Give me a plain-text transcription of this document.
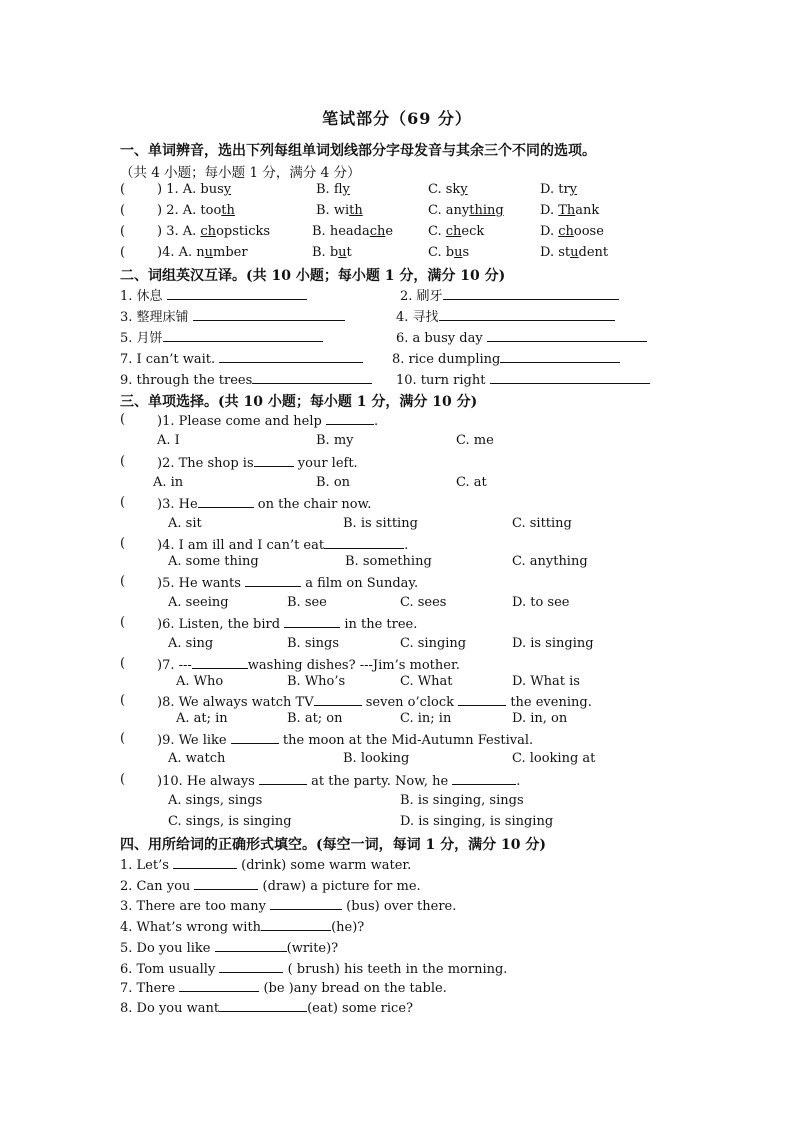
笔试部分（69 分）
一、单词辨音，选出下列每组单词划线部分字母发音与其余三个不同的选项。
（共 4 小题；每小题 1 分，满分 4 分）
( ) 1. A. busy	B. fly	C. sky	D. try
( ) 2. A. tooth	B. with	C. anything	D. Thank
( ) 3. A. chopsticks	B. headache	C. check	D. choose
( )4. A. number	B. but	C. bus	D. student
二、词组英汉互译。(共 10 小题；每小题 1 分，满分 10 分)
1. 休息	2. 刷牙
3. 整理床铺	4. 寻找
5. 月饼	6. a busy day
7. I can’t wait.	8. rice dumpling
9. through the trees	10. turn right
三、单项选择。(共 10 小题；每小题 1 分，满分 10 分)
( )1. Please come and help	.
A. I	B. my	C. me
( )2. The shop is	your left.
A. in	B. on	C. at
( )3. He	on the chair now.
A. sit	B. is sitting	C. sitting
( )4. I am ill and I can’t eat	.
A. some thing	B. something	C. anything
( )5. He wants	a film on Sunday.
A. seeing	B. see	C. sees	D. to see
( )6. Listen, the bird	in the tree.
A. sing	B. sings	C. singing	D. is singing
( )7. ---	washing dishes? ---Jim’s mother.
A. Who	B. Who’s	C. What	D. What is
( )8. We always watch TV	seven o’clock	the evening.
A. at; in	B. at; on	C. in; in	D. in, on
( )9. We like	the moon at the Mid-Autumn Festival.
A. watch	B. looking	C. looking at
( )10. He always	at the party. Now, he	.
A. sings, sings	B. is singing, sings
C. sings, is singing	D. is singing, is singing
四、用所给词的正确形式填空。(每空一词，每词 1 分，满分 10 分)
1. Let’s	(drink) some warm water.
2. Can you	(draw) a picture for me.
3. There are too many	(bus) over there.
4. What’s wrong with	(he)?
5. Do you like	(write)?
6. Tom usually	( brush) his teeth in the morning.
7. There	(be )any bread on the table.
8. Do you want	(eat) some rice?
